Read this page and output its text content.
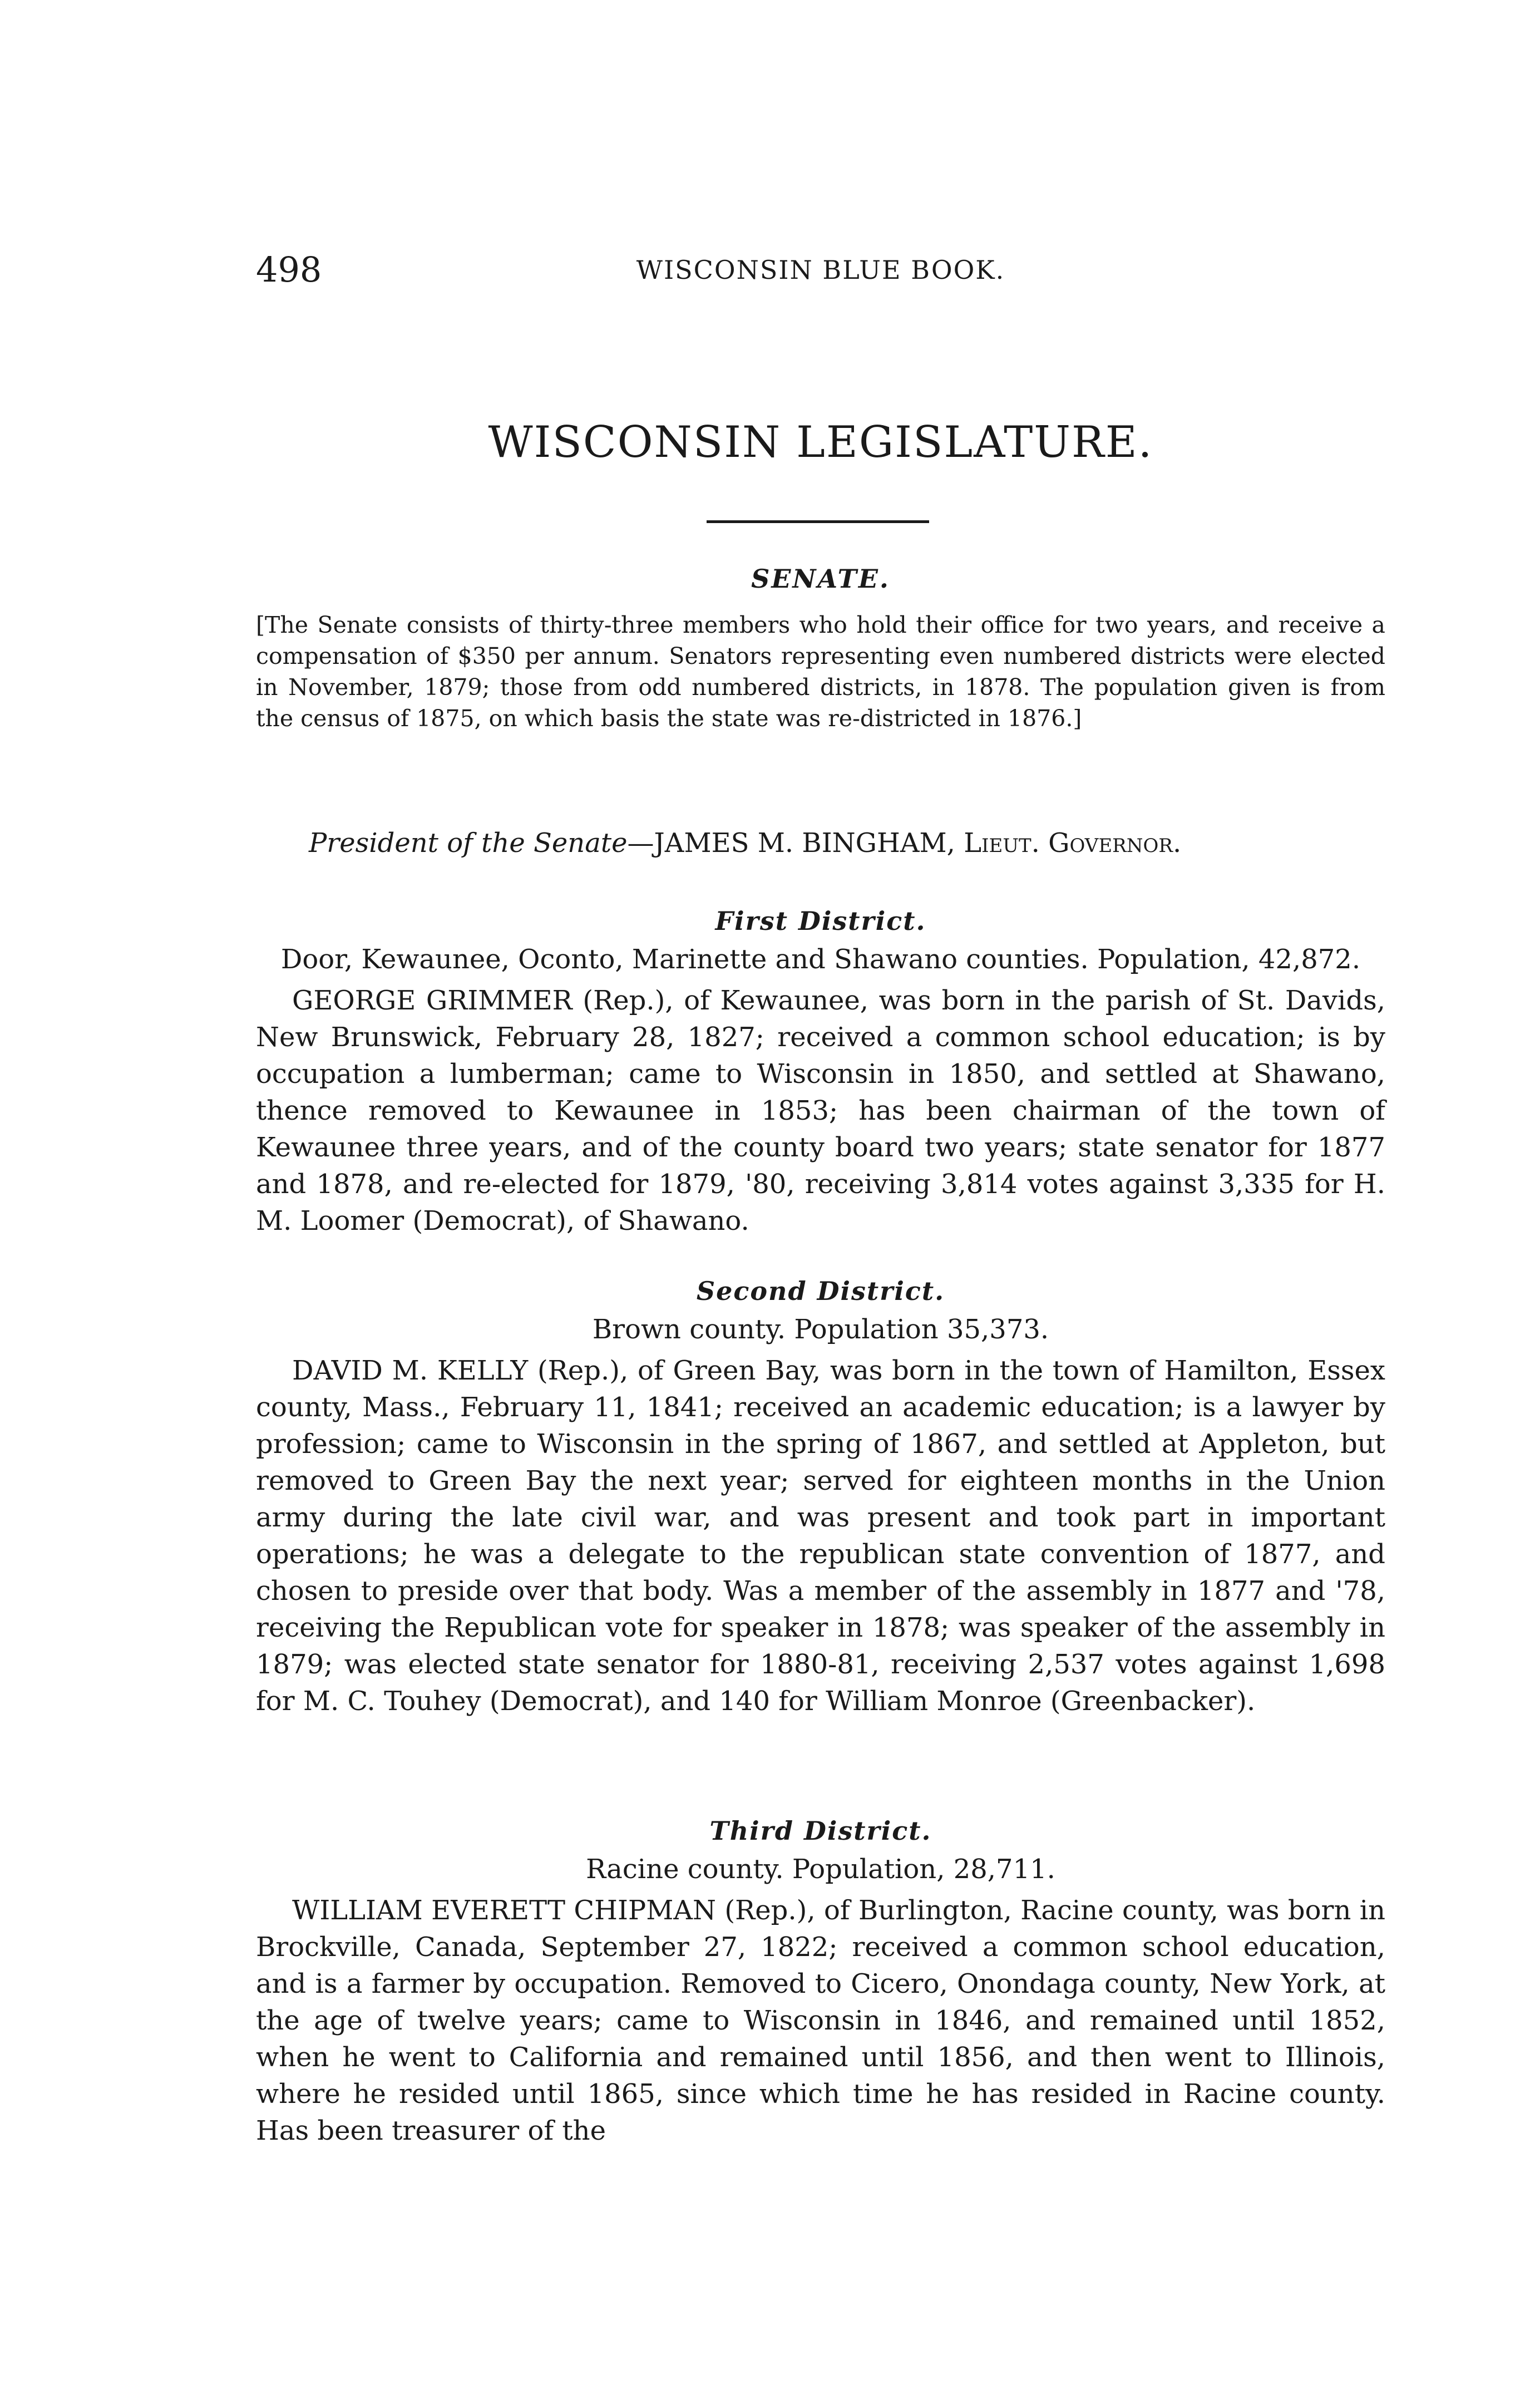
498	WISCONSIN BLUE BOOK.
WISCONSIN LEGISLATURE.
SENATE.

[The Senate consists of thirty-three members who hold their office for two years, and receive a compensation of $350 per annum. Senators representing even numbered districts were elected in November, 1879; those from odd numbered districts, in 1878. The population given is from the census of 1875, on which basis the state was re-districted in 1876.]

President of the Senate—JAMES M. BINGHAM, Lieut. Governor.

First District.

Door, Kewaunee, Oconto, Marinette and Shawano counties. Population, 42,872.

GEORGE GRIMMER (Rep.), of Kewaunee, was born in the parish of St. Davids, New Brunswick, February 28, 1827; received a common school education; is by occupation a lumberman; came to Wisconsin in 1850, and settled at Shawano, thence removed to Kewaunee in 1853; has been chairman of the town of Kewaunee three years, and of the county board two years; state senator for 1877 and 1878, and re-elected for 1879, '80, receiving 3,814 votes against 3,335 for H. M. Loomer (Democrat), of Shawano.

Second District.

Brown county. Population 35,373.

DAVID M. KELLY (Rep.), of Green Bay, was born in the town of Hamilton, Essex county, Mass., February 11, 1841; received an academic education; is a lawyer by profession; came to Wisconsin in the spring of 1867, and settled at Appleton, but removed to Green Bay the next year; served for eighteen months in the Union army during the late civil war, and was present and took part in important operations; he was a delegate to the republican state convention of 1877, and chosen to preside over that body. Was a member of the assembly in 1877 and '78, receiving the Republican vote for speaker in 1878; was speaker of the assembly in 1879; was elected state senator for 1880-81, receiving 2,537 votes against 1,698 for M. C. Touhey (Democrat), and 140 for William Monroe (Greenbacker).

Third District.

Racine county. Population, 28,711.

WILLIAM EVERETT CHIPMAN (Rep.), of Burlington, Racine county, was born in Brockville, Canada, September 27, 1822; received a common school education, and is a farmer by occupation. Removed to Cicero, Onondaga county, New York, at the age of twelve years; came to Wisconsin in 1846, and remained until 1852, when he went to California and remained until 1856, and then went to Illinois, where he resided until 1865, since which time he has resided in Racine county. Has been treasurer of the
